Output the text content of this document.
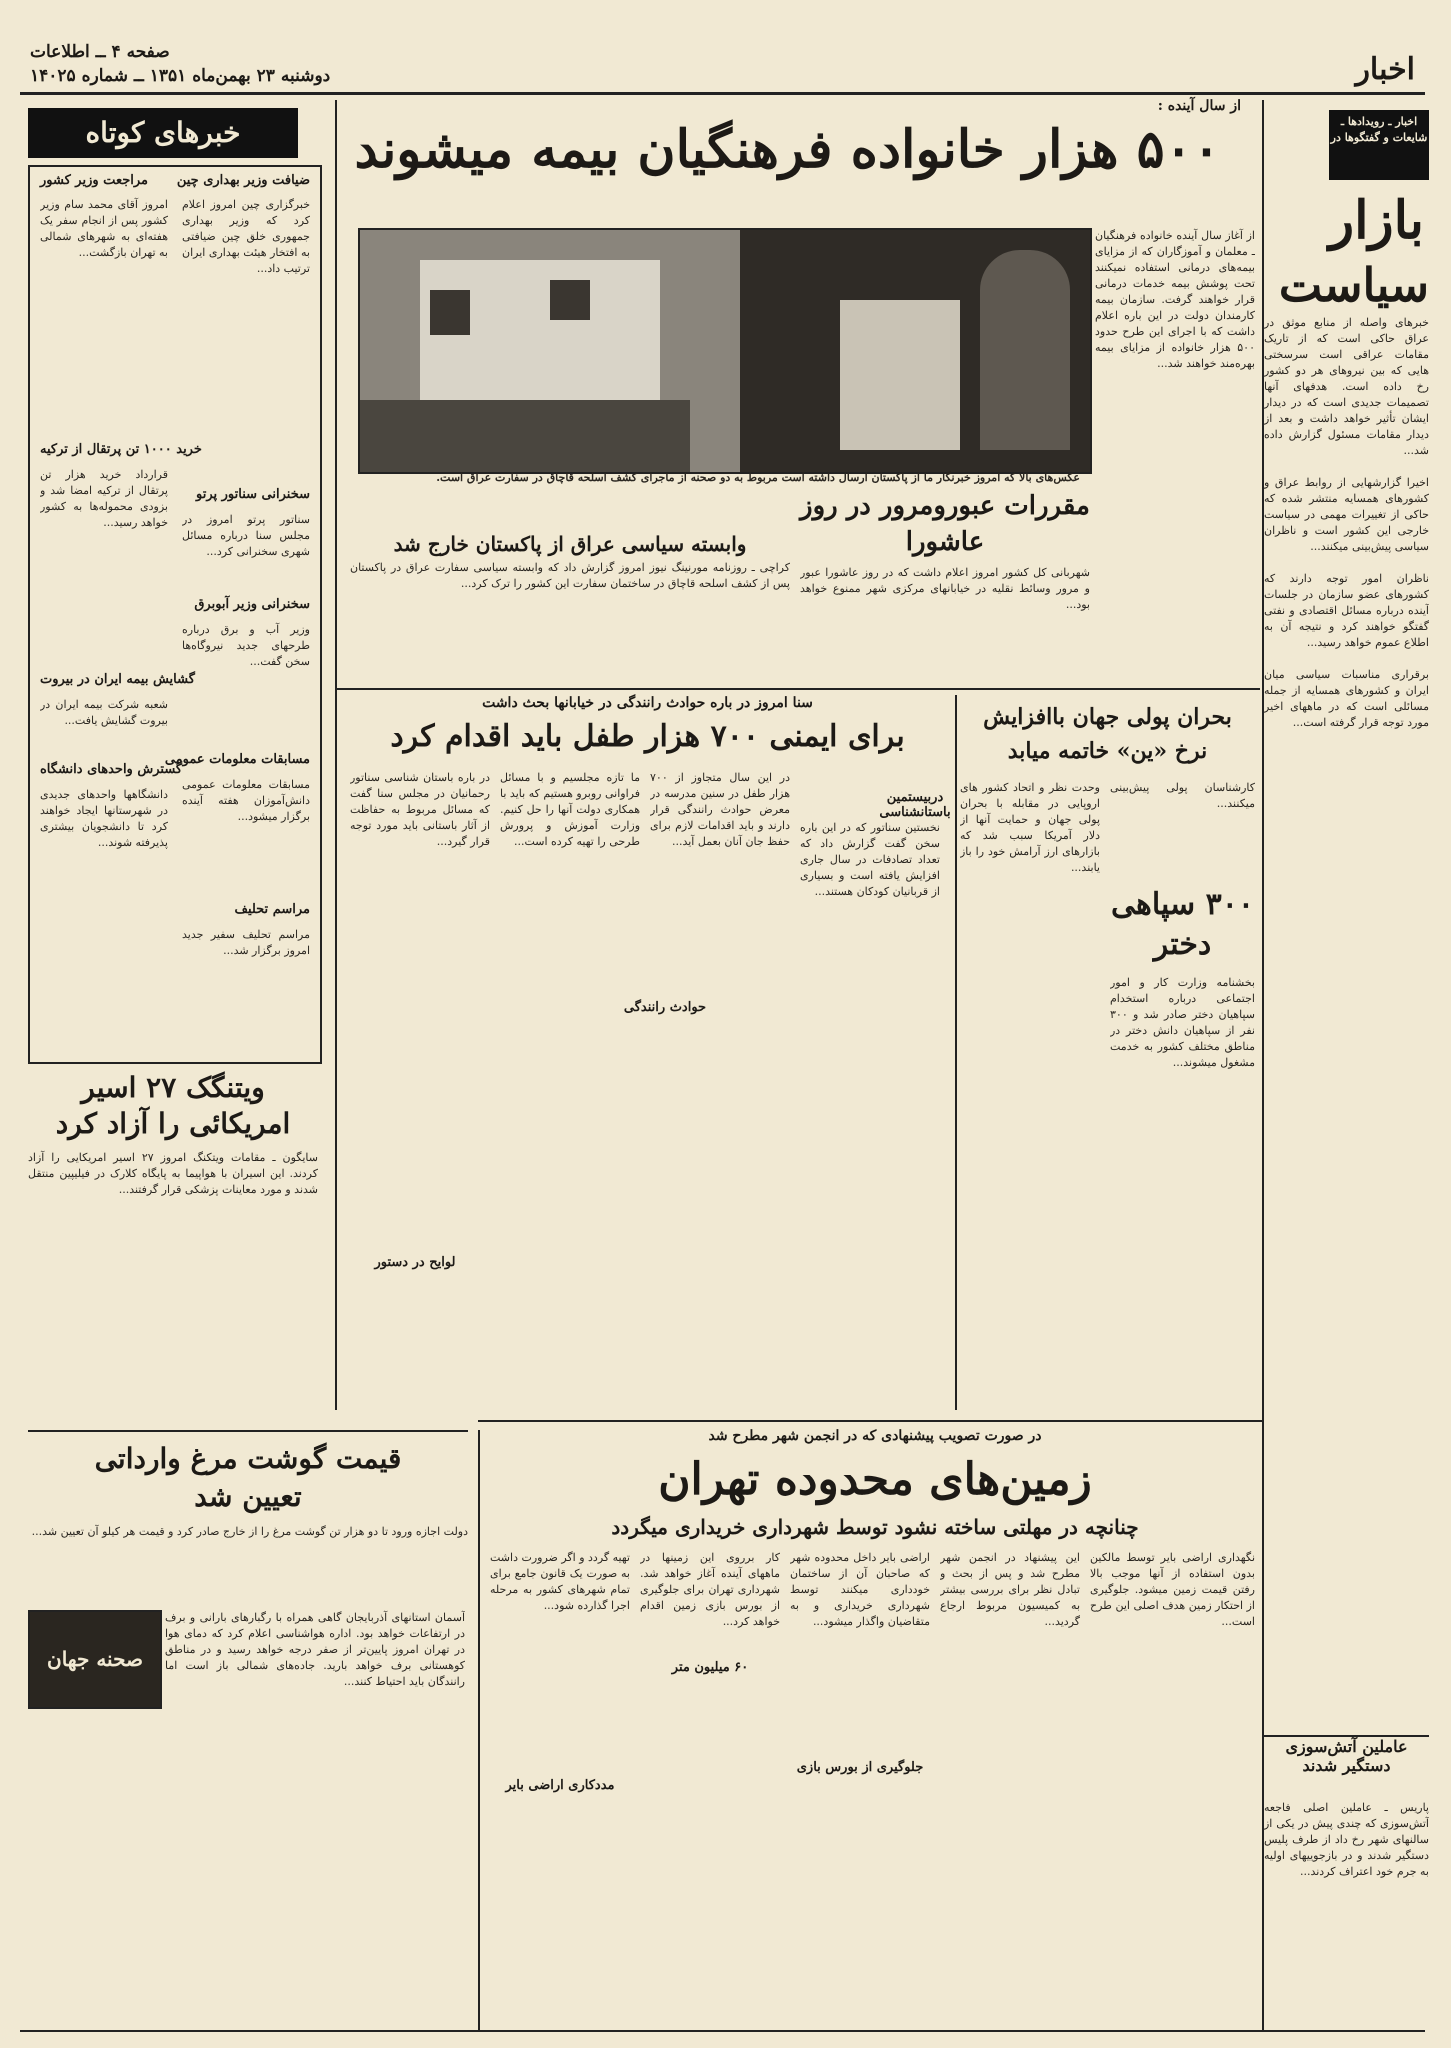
اخبار
صفحه ۴ ــ اطلاعات
دوشنبه ۲۳ بهمن‌ماه ۱۳۵۱ ــ شماره ۱۴۰۲۵
اخبار ـ رویدادها ـ شایعات و گفتگوها در
بازار
سیاست
خبرهای واصله از منابع موثق در عراق حاکی است که از تاریک مقامات عراقی است سرسختی هایی که بین نیروهای هر دو کشور رخ داده است. هدفهای آنها تصمیمات جدیدی است که در دیدار ایشان تأثیر خواهد داشت و بعد از دیدار مقامات مسئول گزارش داده شد...

اخیرا گزارشهایی از روابط عراق و کشورهای همسایه منتشر شده که حاکی از تغییرات مهمی در سیاست خارجی این کشور است و ناظران سیاسی پیش‌بینی میکنند...

ناظران امور توجه دارند که کشورهای عضو سازمان در جلسات آینده درباره مسائل اقتصادی و نفتی گفتگو خواهند کرد و نتیجه آن به اطلاع عموم خواهد رسید...

برقراری مناسبات سیاسی میان ایران و کشورهای همسایه از جمله مسائلی است که در ماههای اخیر مورد توجه قرار گرفته است...
عاملین آتش‌سوزی
دستگیر شدند
پاریس ـ عاملین اصلی فاجعه آتش‌سوزی که چندی پیش در یکی از سالنهای شهر رخ داد از طرف پلیس دستگیر شدند و در بازجوییهای اولیه به جرم خود اعتراف کردند...
از سال آینده :
۵۰۰ هزار خانواده فرهنگیان بیمه میشوند
از آغاز سال آینده خانواده فرهنگیان ـ معلمان و آموزگاران که از مزایای بیمه‌های درمانی استفاده نمیکنند تحت پوشش بیمه خدمات درمانی قرار خواهند گرفت. سازمان بیمه کارمندان دولت در این باره اعلام داشت که با اجرای این طرح حدود ۵۰۰ هزار خانواده از مزایای بیمه بهره‌مند خواهند شد...
عکس‌های بالا که امروز خبرنگار ما از پاکستان ارسال داشته است مربوط به دو صحنه از ماجرای کشف اسلحه قاچاق در سفارت عراق است.
خبرهای کوتاه
ضیافت وزیر بهداری چین
مراجعت وزیر کشور
خرید ۱۰۰۰ تن پرتقال از ترکیه
سخنرانی سناتور پرتو
سخنرانی وزیر آبوبرق
گشایش بیمه ایران در بیروت
مسابقات معلومات عمومی
گسترش واحدهای دانشگاه
مراسم تحلیف
خبرگزاری چین امروز اعلام کرد که وزیر بهداری جمهوری خلق چین ضیافتی به افتخار هیئت بهداری ایران ترتیب داد...
امروز آقای محمد سام وزیر کشور پس از انجام سفر یک هفته‌ای به شهرهای شمالی به تهران بازگشت...
قرارداد خرید هزار تن پرتقال از ترکیه امضا شد و بزودی محموله‌ها به کشور خواهد رسید... سناتور پرتو امروز در مجلس سنا درباره مسائل شهری سخنرانی کرد...
وزیر آب و برق درباره طرحهای جدید نیروگاه‌ها سخن گفت...
شعبه شرکت بیمه ایران در بیروت گشایش یافت...
مسابقات معلومات عمومی دانش‌آموزان هفته آینده برگزار میشود...
دانشگاهها واحدهای جدیدی در شهرستانها ایجاد خواهند کرد تا دانشجویان بیشتری پذیرفته شوند...
مراسم تحلیف سفیر جدید امروز برگزار شد...
ویتنگک ۲۷ اسیر
امریکائی را آزاد کرد
سایگون ـ مقامات ویتکنگ امروز ۲۷ اسیر امریکایی را آزاد کردند. این اسیران با هواپیما به پایگاه کلارک در فیلیپین منتقل شدند و مورد معاینات پزشکی قرار گرفتند...
قیمت گوشت مرغ وارداتی
تعیین شد
دولت اجازه ورود تا دو هزار تن گوشت مرغ را از خارج صادر کرد و قیمت هر کیلو آن تعیین شد...
صحنه جهان
آسمان استانهای آذربایجان گاهی همراه با رگبارهای بارانی و برف در ارتفاعات خواهد بود. اداره هواشناسی اعلام کرد که دمای هوا در تهران امروز پایین‌تر از صفر درجه خواهد رسید و در مناطق کوهستانی برف خواهد بارید. جاده‌های شمالی باز است اما رانندگان باید احتیاط کنند...
وابسته سیاسی عراق از پاکستان خارج شد
کراچی ـ روزنامه مورنینگ نیوز امروز گزارش داد که وابسته سیاسی سفارت عراق در پاکستان پس از کشف اسلحه قاچاق در ساختمان سفارت این کشور را ترک کرد...
مقررات عبورومرور در روز عاشورا
شهربانی کل کشور امروز اعلام داشت که در روز عاشورا عبور و مرور وسائط نقلیه در خیابانهای مرکزی شهر ممنوع خواهد بود...
سنا امروز در باره حوادث رانندگی در خیابانها بحث داشت
برای ایمنی ۷۰۰ هزار طفل باید اقدام کرد
دربیستمین باستانشناسی
حوادث رانندگی
لوایح در دستور
در باره باستان شناسی سناتور رحمانیان در مجلس سنا گفت که مسائل مربوط به حفاظت از آثار باستانی باید مورد توجه قرار گیرد...
ما تازه مجلسیم و با مسائل فراوانی روبرو هستیم که باید با همکاری دولت آنها را حل کنیم. وزارت آموزش و پرورش طرحی را تهیه کرده است...
در این سال متجاوز از ۷۰۰ هزار طفل در سنین مدرسه در معرض حوادث رانندگی قرار دارند و باید اقدامات لازم برای حفظ جان آنان بعمل آید...
نخستین سناتور که در این باره سخن گفت گزارش داد که تعداد تصادفات در سال جاری افزایش یافته است و بسیاری از قربانیان کودکان هستند...
بحران پولی جهان باافزایش
نرخ «ین» خاتمه میابد
وحدت نظر و اتحاد کشور های اروپایی در مقابله با بحران پولی جهان و حمایت آنها از دلار آمریکا سبب شد که بازارهای ارز آرامش خود را باز یابند...
کارشناسان پولی پیش‌بینی میکنند...
۳۰۰ سپاهی
دختر
بخشنامه وزارت کار و امور اجتماعی درباره استخدام سپاهیان دختر صادر شد و ۳۰۰ نفر از سپاهیان دانش دختر در مناطق مختلف کشور به خدمت مشغول میشوند...
در صورت تصویب پیشنهادی که در انجمن شهر مطرح شد
زمین‌های محدوده تهران
چنانچه در مهلتی ساخته نشود توسط شهرداری خریداری میگردد
۶۰ میلیون متر
مددکاری اراضی بایر
جلوگیری از بورس بازی
تهیه گردد و اگر ضرورت داشت به صورت یک قانون جامع برای تمام شهرهای کشور به مرحله اجرا گذارده شود...
کار برروی این زمینها در ماههای آینده آغاز خواهد شد. شهرداری تهران برای جلوگیری از بورس بازی زمین اقدام خواهد کرد...
اراضی بایر داخل محدوده شهر که صاحبان آن از ساختمان خودداری میکنند توسط شهرداری خریداری و به متقاضیان واگذار میشود...
این پیشنهاد در انجمن شهر مطرح شد و پس از بحث و تبادل نظر برای بررسی بیشتر به کمیسیون مربوط ارجاع گردید...
نگهداری اراضی بایر توسط مالکین بدون استفاده از آنها موجب بالا رفتن قیمت زمین میشود. جلوگیری از احتکار زمین هدف اصلی این طرح است...
